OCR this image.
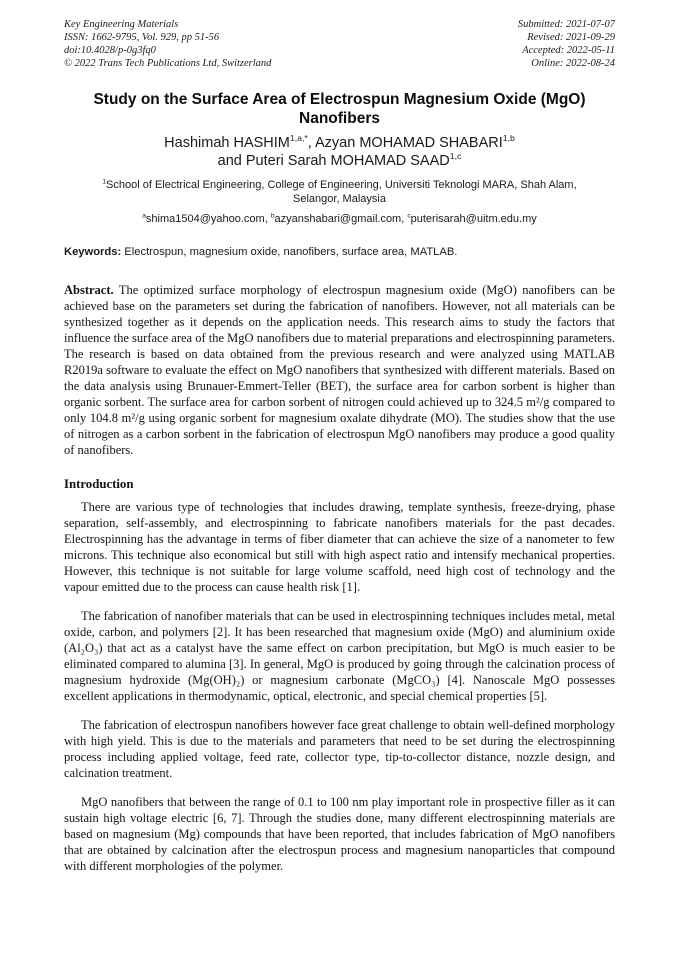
Key Engineering Materials
ISSN: 1662-9795, Vol. 929, pp 51-56
doi:10.4028/p-0g3fq0
© 2022 Trans Tech Publications Ltd, Switzerland
Submitted: 2021-07-07
Revised: 2021-09-29
Accepted: 2022-05-11
Online: 2022-08-24
Study on the Surface Area of Electrospun Magnesium Oxide (MgO)
Nanofibers
Hashimah $HASHIM^{1,a,*}$, Azyan MOHAMAD SHABARI$^{1,b}$
and Puteri Sarah MOHAMAD SAAD$^{1,c}$
$^1$School of Electrical Engineering, College of Engineering, Universiti Teknologi MARA, Shah Alam,
Selangor, Malaysia
$^a$shima1504@yahoo.com, $^b$azyanshabari@gmail.com, $^c$puterisarah@uitm.edu.my

Keywords: Electrospun, magnesium oxide, nanofibers, surface area, MATLAB.

Abstract. The optimized surface morphology of electrospun magnesium oxide (MgO) nanofibers can be achieved base on the parameters set during the fabrication of nanofibers. However, not all materials can be synthesized together as it depends on the application needs. This research aims to study the factors that influence the surface area of the MgO nanofibers due to material preparations and electrospinning parameters. The research is based on data obtained from the previous research and were analyzed using MATLAB R2019a software to evaluate the effect on MgO nanofibers that synthesized with different materials. Based on the data analysis using Brunauer-Emmert-Teller (BET), the surface area for carbon sorbent is higher than organic sorbent. The surface area for carbon sorbent of nitrogen could achieved up to 324.5 m²/g compared to only 104.8 m²/g using organic sorbent for magnesium oxalate dihydrate (MO). The studies show that the use of nitrogen as a carbon sorbent in the fabrication of electrospun MgO nanofibers may produce a good quality of nanofibers.

Introduction

There are various type of technologies that includes drawing, template synthesis, freeze-drying, phase separation, self-assembly, and electrospinning to fabricate nanofibers materials for the past decades. Electrospinning has the advantage in terms of fiber diameter that can achieve the size of a nanometer to few microns. This technique also economical but still with high aspect ratio and intensify mechanical properties. However, this technique is not suitable for large volume scaffold, need high cost of technology and the vapour emitted due to the process can cause health risk [1].

The fabrication of nanofiber materials that can be used in electrospinning techniques includes metal, metal oxide, carbon, and polymers [2]. It has been researched that magnesium oxide (MgO) and aluminium oxide (Al₂O₃) that act as a catalyst have the same effect on carbon precipitation, but MgO is much easier to be eliminated compared to alumina [3]. In general, MgO is produced by going through the calcination process of magnesium hydroxide (Mg(OH)₂) or magnesium carbonate (MgCO₃) [4]. Nanoscale MgO possesses excellent applications in thermodynamic, optical, electronic, and special chemical properties [5].

The fabrication of electrospun nanofibers however face great challenge to obtain well-defined morphology with high yield. This is due to the materials and parameters that need to be set during the electrospinning process including applied voltage, feed rate, collector type, tip-to-collector distance, nozzle design, and calcination treatment.

MgO nanofibers that between the range of 0.1 to 100 nm play important role in prospective filler as it can sustain high voltage electric [6, 7]. Through the studies done, many different electrospinning materials are based on magnesium (Mg) compounds that have been reported, that includes fabrication of MgO nanofibers that are obtained by calcination after the electrospun process and magnesium nanoparticles that compound with different morphologies of the polymer.
